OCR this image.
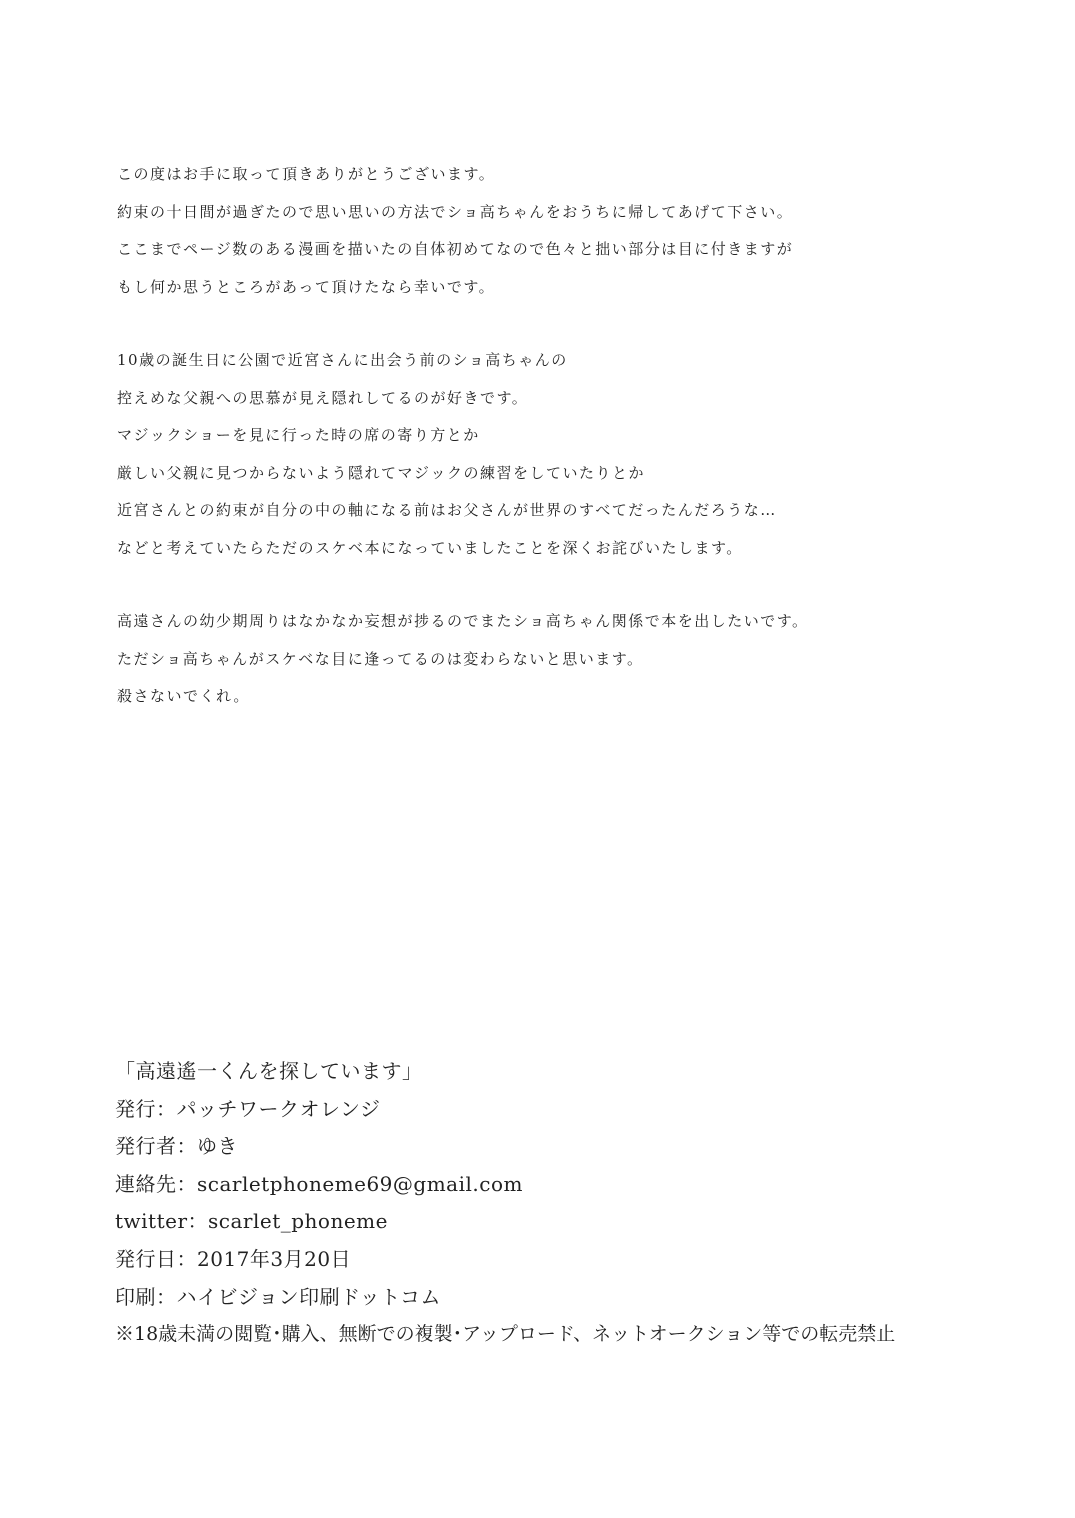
この度はお手に取って頂きありがとうございます。
約束の十日間が過ぎたので思い思いの方法でショ高ちゃんをおうちに帰してあげて下さい。
ここまでページ数のある漫画を描いたの自体初めてなので色々と拙い部分は目に付きますが
もし何か思うところがあって頂けたなら幸いです。
10歳の誕生日に公園で近宮さんに出会う前のショ高ちゃんの
控えめな父親への思慕が見え隠れしてるのが好きです。
マジックショーを見に行った時の席の寄り方とか
厳しい父親に見つからないよう隠れてマジックの練習をしていたりとか
近宮さんとの約束が自分の中の軸になる前はお父さんが世界のすべてだったんだろうな…
などと考えていたらただのスケベ本になっていましたことを深くお詫びいたします。
高遠さんの幼少期周りはなかなか妄想が捗るのでまたショ高ちゃん関係で本を出したいです。
ただショ高ちゃんがスケベな目に逢ってるのは変わらないと思います。
殺さないでくれ。
「高遠遙一くんを探しています」
発行：パッチワークオレンジ
発行者：ゆき
連絡先：scarletphoneme69@gmail.com
twitter：scarlet_phoneme
発行日：2017年3月20日
印刷：ハイビジョン印刷ドットコム
※18歳未満の閲覧･購入、無断での複製･アップロード、ネットオークション等での転売禁止
